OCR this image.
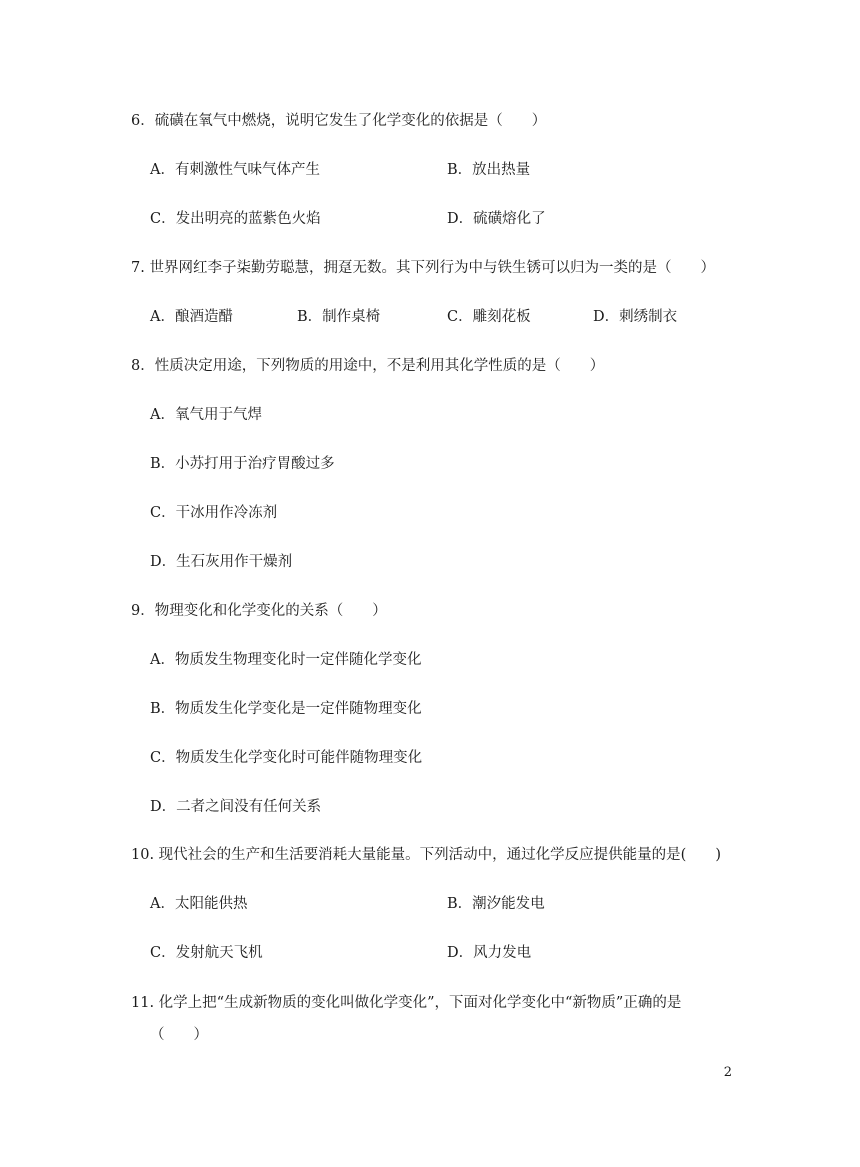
6．硫磺在氧气中燃烧，说明它发生了化学变化的依据是（　　）
A．有刺激性气味气体产生	B．放出热量
C．发出明亮的蓝紫色火焰	D．硫磺熔化了
7. 世界网红李子柒勤劳聪慧，拥趸无数。其下列行为中与铁生锈可以归为一类的是（　　）
A．酿酒造醋	B．制作桌椅	C．雕刻花板	D．刺绣制衣
8．性质决定用途，下列物质的用途中，不是利用其化学性质的是（　　）
A．氧气用于气焊
B．小苏打用于治疗胃酸过多
C．干冰用作冷冻剂
D．生石灰用作干燥剂
9．物理变化和化学变化的关系（　　）
A．物质发生物理变化时一定伴随化学变化
B．物质发生化学变化是一定伴随物理变化
C．物质发生化学变化时可能伴随物理变化
D．二者之间没有任何关系
10. 现代社会的生产和生活要消耗大量能量。下列活动中，通过化学反应提供能量的是(　　)
A．太阳能供热	B．潮汐能发电
C．发射航天飞机	D．风力发电
11. 化学上把“生成新物质的变化叫做化学变化”，下面对化学变化中“新物质”正确的是
（　　）
2
